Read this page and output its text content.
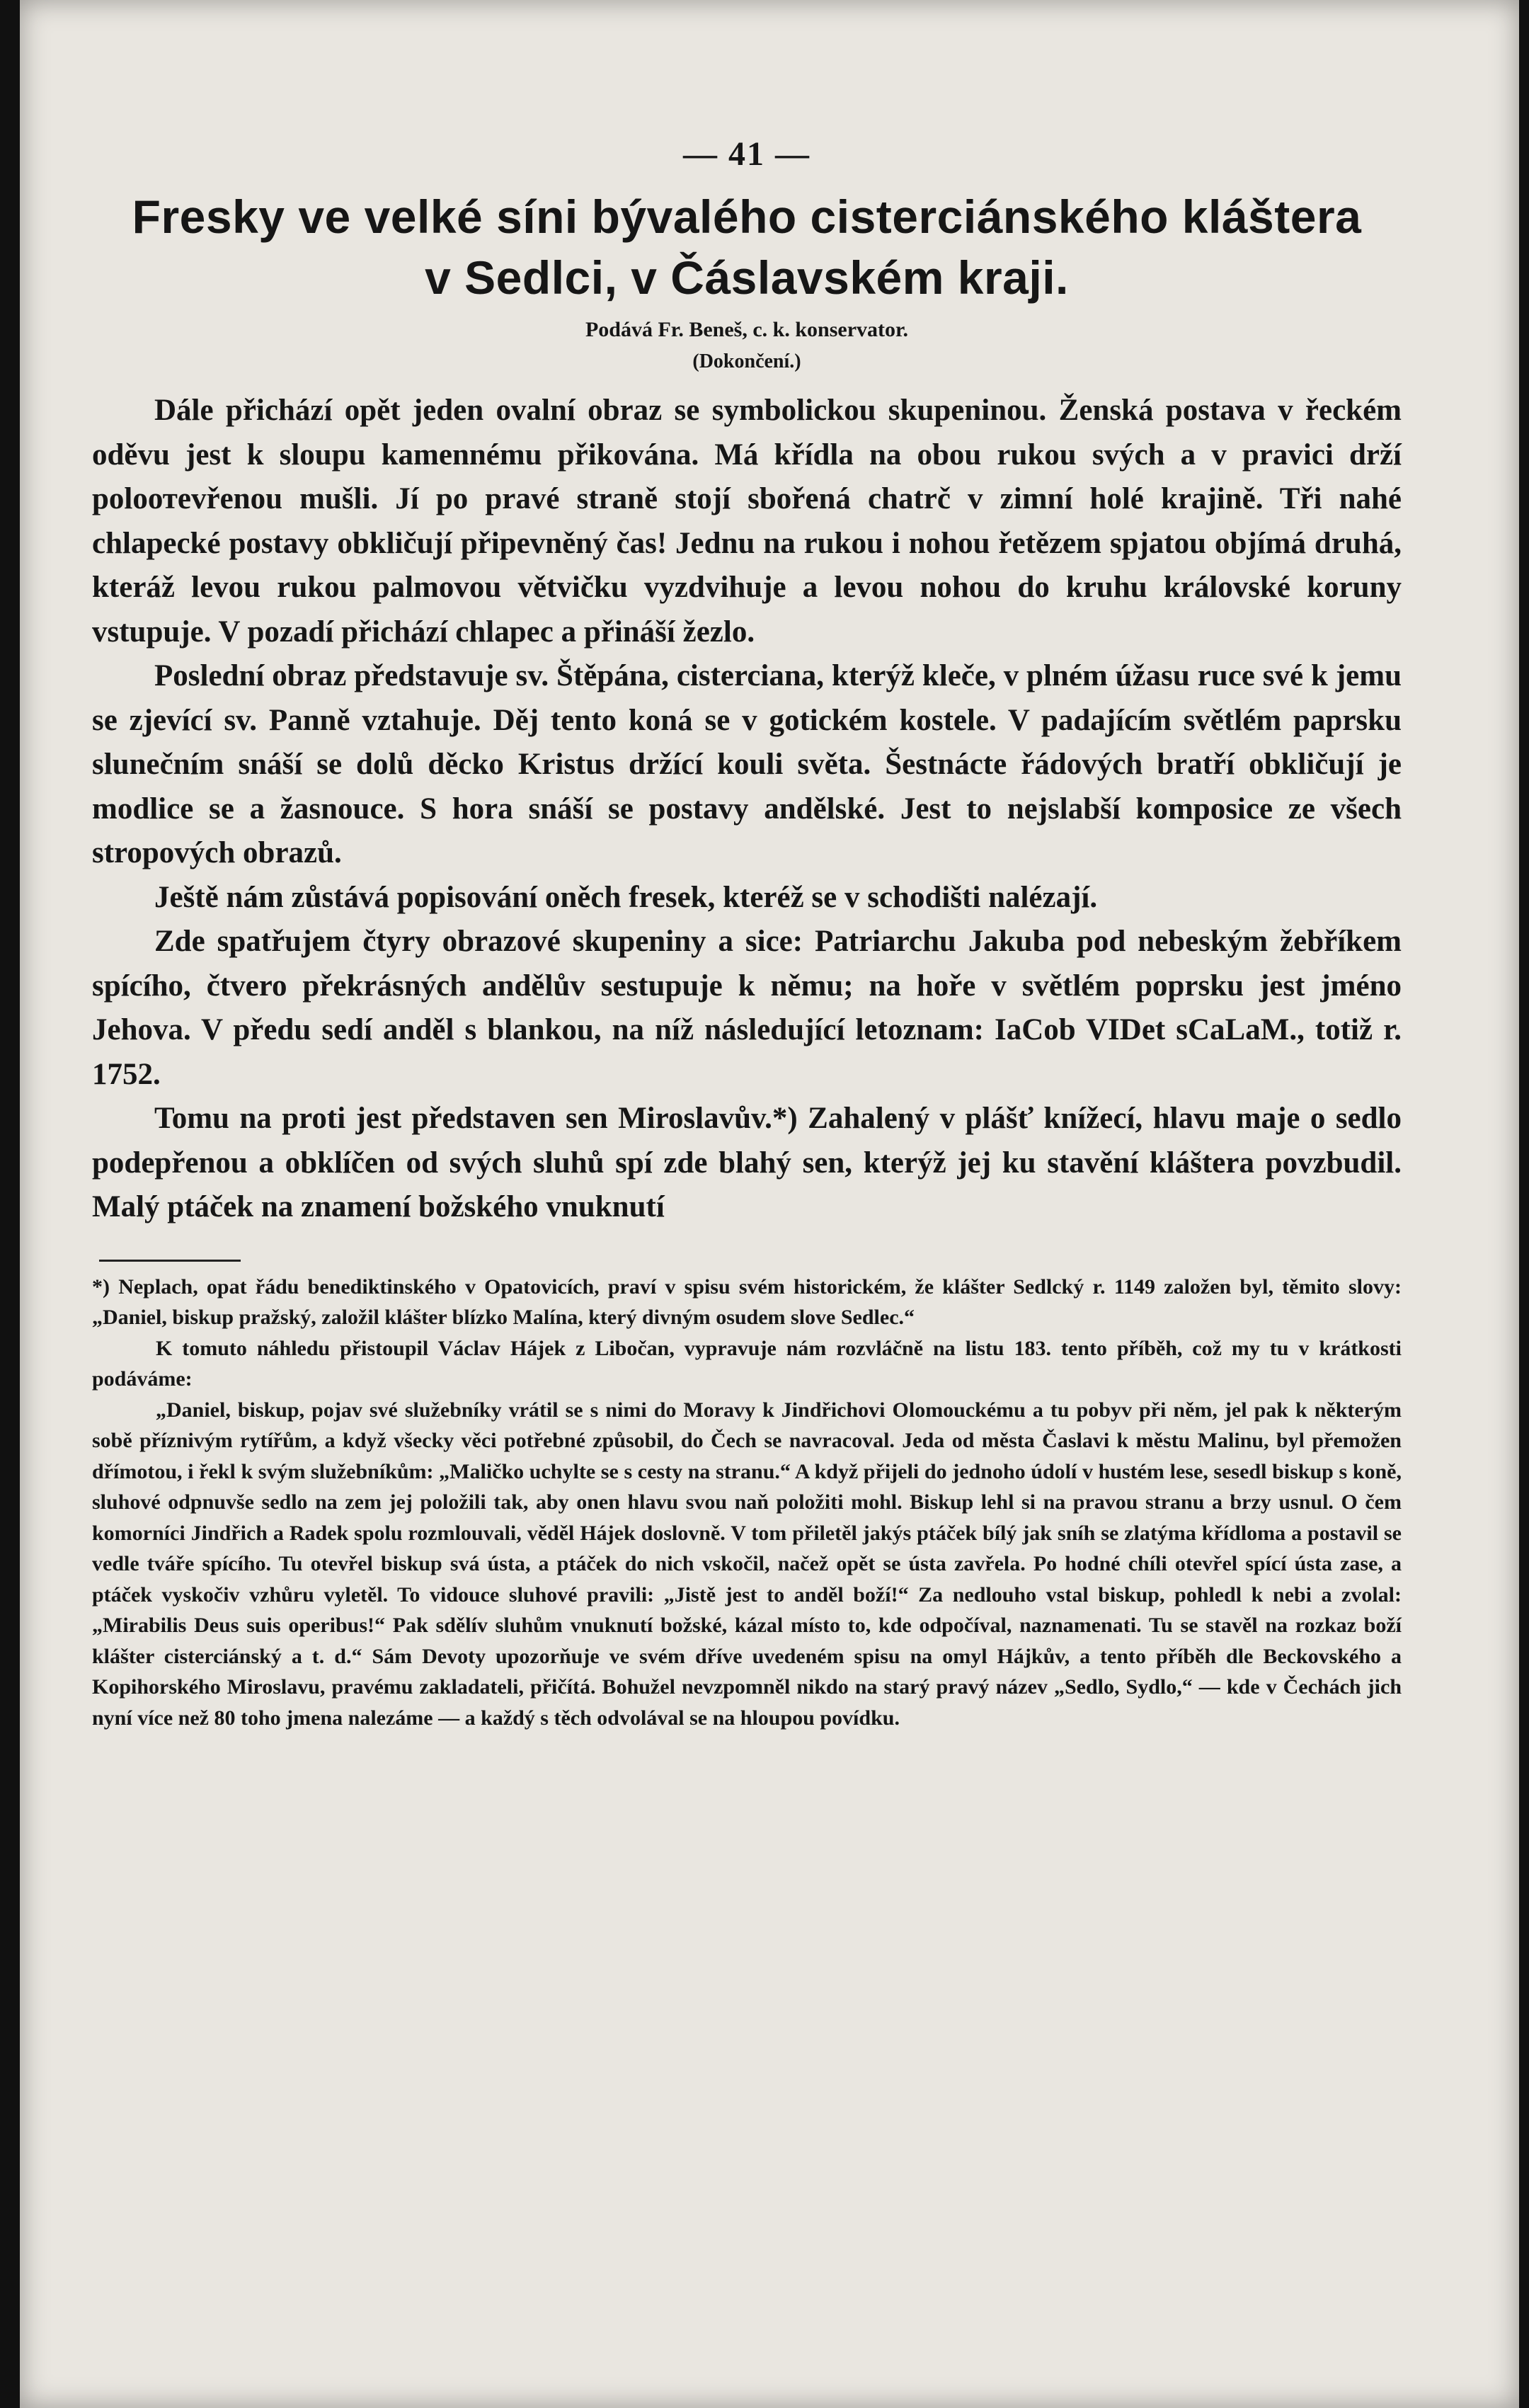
— 41 —

Fresky ve velké síni bývalého cisterciánského kláštera
v Sedlci, v Čáslavském kraji.

Podává Fr. Beneš, c. k. konservator.

(Dokončení.)

Dále přichází opět jeden ovalní obraz se symbolickou skupeninou. Ženská postava v řeckém oděvu jest k sloupu kamennému přikována. Má křídla na obou rukou svých a v pravici drží poloотevřenou mušli. Jí po pravé straně stojí sbořená chatrč v zimní holé krajině. Tři nahé chlapecké postavy obkličují připevněný čas! Jednu na rukou i nohou řetězem spjatou objímá druhá, kteráž levou rukou palmovou větvičku vyzdvihuje a levou nohou do kruhu královské koruny vstupuje. V pozadí přichází chlapec a přináší žezlo.

Poslední obraz představuje sv. Štěpána, cisterciana, kterýž kleče, v plném úžasu ruce své k jemu se zjevící sv. Panně vztahuje. Děj tento koná se v gotickém kostele. V padajícím světlém paprsku slunečním snáší se dolů děcko Kristus držící kouli světa. Šestnácte řádových bratří obkličují je modlice se a žasnouce. S hora snáší se postavy andělské. Jest to nejslabší komposice ze všech stropových obrazů.

Ještě nám zůstává popisování oněch fresek, kteréž se v schodišti nalézají.

Zde spatřujem čtyry obrazové skupeniny a sice: Patriarchu Jakuba pod nebeským žebříkem spícího, čtvero překrásných andělův sestupuje k němu; na hoře v světlém poprsku jest jméno Jehova. V předu sedí anděl s blankou, na níž následující letoznam: IaCob VIDet sCaLaM., totiž r. 1752.

Tomu na proti jest představen sen Miroslavův.*) Zahalený v plášť knížecí, hlavu maje o sedlo podepřenou a obklíčen od svých sluhů spí zde blahý sen, kterýž jej ku stavění kláštera povzbudil. Malý ptáček na znamení božského vnuknutí

*) Neplach, opat řádu benediktinského v Opatovicích, praví v spisu svém historickém, že klášter Sedlcký r. 1149 založen byl, těmito slovy: „Daniel, biskup pražský, založil klášter blízko Malína, který divným osudem slove Sedlec.“

K tomuto náhledu přistoupil Václav Hájek z Libočan, vypravuje nám rozvláčně na listu 183. tento příběh, což my tu v krátkosti podáváme:

„Daniel, biskup, pojav své služebníky vrátil se s nimi do Moravy k Jindřichovi Olomouckému a tu pobyv při něm, jel pak k některým sobě příznivým rytířům, a když všecky věci potřebné způsobil, do Čech se navracoval. Jeda od města Časlavi k městu Malinu, byl přemožen dřímotou, i řekl k svým služebníkům: „Maličko uchylte se s cesty na stranu.“ A když přijeli do jednoho údolí v hustém lese, sesedl biskup s koně, sluhové odpnuvše sedlo na zem jej položili tak, aby onen hlavu svou naň položiti mohl. Biskup lehl si na pravou stranu a brzy usnul. O čem komorníci Jindřich a Radek spolu rozmlouvali, věděl Hájek doslovně. V tom přiletěl jakýs ptáček bílý jak sníh se zlatýma křídloma a postavil se vedle tváře spícího. Tu otevřel biskup svá ústa, a ptáček do nich vskočil, načež opět se ústa zavřela. Po hodné chíli otevřel spící ústa zase, a ptáček vyskočiv vzhůru vyletěl. To vidouce sluhové pravili: „Jistě jest to anděl boží!“ Za nedlouho vstal biskup, pohledl k nebi a zvolal: „Mirabilis Deus suis operibus!“ Pak sdělív sluhům vnuknutí božské, kázal místo to, kde odpočíval, naznamenati. Tu se stavěl na rozkaz boží klášter cisterciánský a t. d.“ Sám Devoty upozorňuje ve svém dříve uvedeném spisu na omyl Hájkův, a tento příběh dle Beckovského a Kopihorského Miroslavu, pravému zakladateli, přičítá. Bohužel nevzpomněl nikdo na starý pravý název „Sedlo, Sydlo,“ — kde v Čechách jich nyní více než 80 toho jmena nalezáme — a každý s těch odvolával se na hloupou povídku.
